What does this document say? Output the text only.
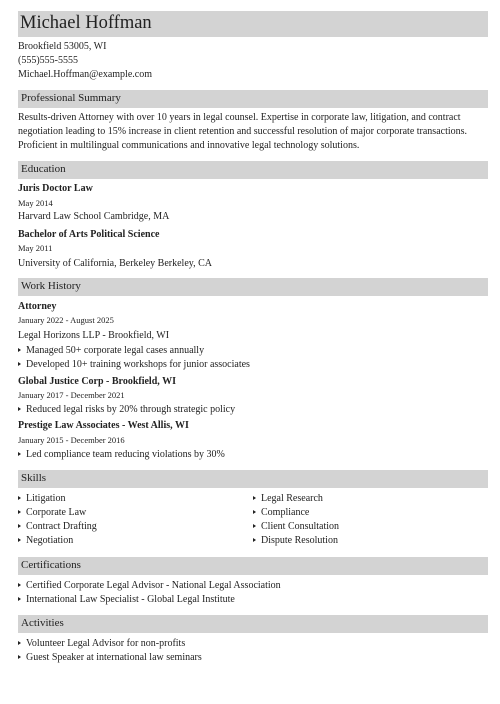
Michael Hoffman
Brookfield 53005, WI
(555)555-5555
Michael.Hoffman@example.com
Professional Summary
Results-driven Attorney with over 10 years in legal counsel. Expertise in corporate law, litigation, and contract negotiation leading to 15% increase in client retention and successful resolution of major corporate transactions. Proficient in multilingual communications and innovative legal technology solutions.
Education
Juris Doctor Law
May 2014
Harvard Law School Cambridge, MA
Bachelor of Arts Political Science
May 2011
University of California, Berkeley Berkeley, CA
Work History
Attorney
January 2022 - August 2025
Legal Horizons LLP - Brookfield, WI
Managed 50+ corporate legal cases annually
Developed 10+ training workshops for junior associates
Global Justice Corp - Brookfield, WI
January 2017 - December 2021
Reduced legal risks by 20% through strategic policy
Prestige Law Associates - West Allis, WI
January 2015 - December 2016
Led compliance team reducing violations by 30%
Skills
Litigation
Corporate Law
Contract Drafting
Negotiation
Legal Research
Compliance
Client Consultation
Dispute Resolution
Certifications
Certified Corporate Legal Advisor - National Legal Association
International Law Specialist - Global Legal Institute
Activities
Volunteer Legal Advisor for non-profits
Guest Speaker at international law seminars
